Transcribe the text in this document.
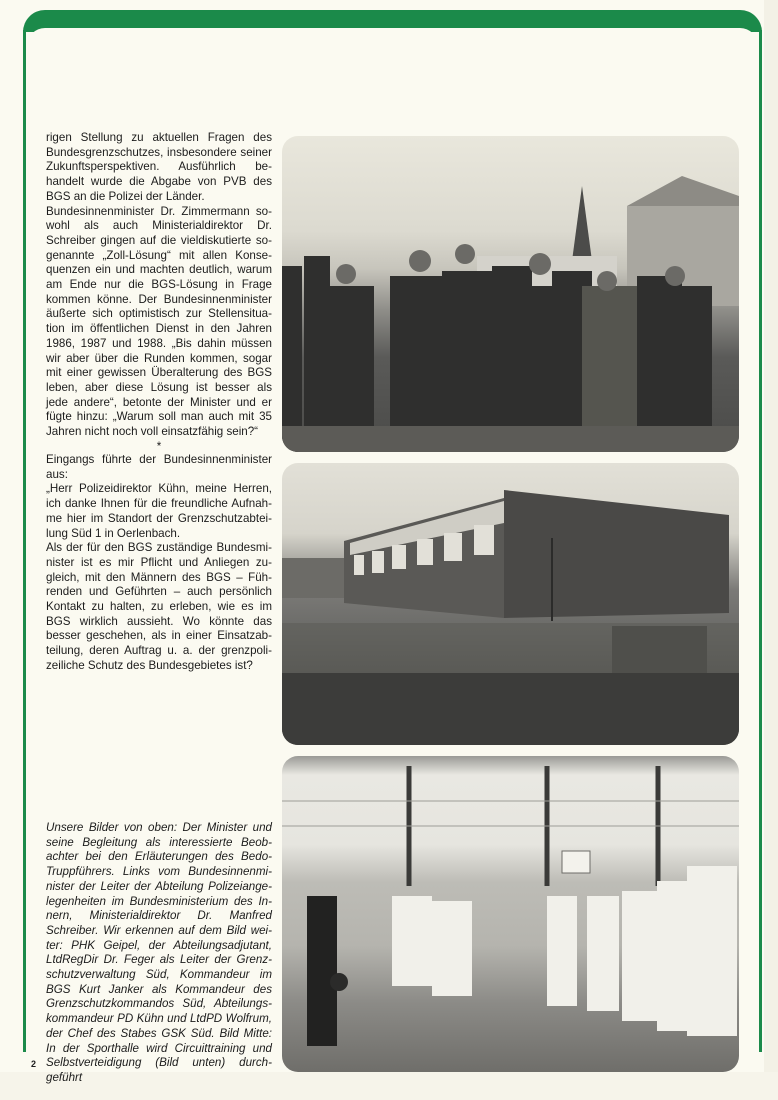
rigen Stellung zu aktuellen Fragen des Bundesgrenzschutzes, insbesondere seiner Zukunftsperspektiven. Ausführlich behandelt wurde die Abgabe von PVB des BGS an die Polizei der Länder.

Bundesinnenminister Dr. Zimmermann sowohl als auch Ministerialdirektor Dr. Schreiber gingen auf die vieldiskutierte sogenannte „Zoll-Lösung“ mit allen Konsequenzen ein und machten deutlich, warum am Ende nur die BGS-Lösung in Frage kommen könne. Der Bundesinnenminister äußerte sich optimistisch zur Stellensituation im öffentlichen Dienst in den Jahren 1986, 1987 und 1988. „Bis dahin müssen wir aber über die Runden kommen, sogar mit einer gewissen Überalterung des BGS leben, aber diese Lösung ist besser als jede andere“, betonte der Minister und er fügte hinzu: „Warum soll man auch mit 35 Jahren nicht noch voll einsatzfähig sein?“

*

Eingangs führte der Bundesinnenminister aus:

„Herr Polizeidirektor Kühn, meine Herren, ich danke Ihnen für die freundliche Aufnahme hier im Standort der Grenzschutzabteilung Süd 1 in Oerlenbach.

Als der für den BGS zuständige Bundesminister ist es mir Pflicht und Anliegen zugleich, mit den Männern des BGS – Führenden und Geführten – auch persönlich Kontakt zu halten, zu erleben, wie es im BGS wirklich aussieht. Wo könnte das besser geschehen, als in einer Einsatzabteilung, deren Auftrag u. a. der grenzpolizeiliche Schutz des Bundesgebietes ist?

Unsere Bilder von oben: Der Minister und seine Begleitung als interessierte Beobachter bei den Erläuterungen des Bedo-Truppführers. Links vom Bundesinnenminister der Leiter der Abteilung Polizeiangelegenheiten im Bundesministerium des Innern, Ministerialdirektor Dr. Manfred Schreiber. Wir erkennen auf dem Bild weiter: PHK Geipel, der Abteilungsadjutant, LtdRegDir Dr. Feger als Leiter der Grenzschutzverwaltung Süd, Kommandeur im BGS Kurt Janker als Kommandeur des Grenzschutzkommandos Süd, Abteilungskommandeur PD Kühn und LtdPD Wolfrum, der Chef des Stabes GSK Süd. Bild Mitte: In der Sporthalle wird Circuittraining und Selbstverteidigung (Bild unten) durchgeführt

2
